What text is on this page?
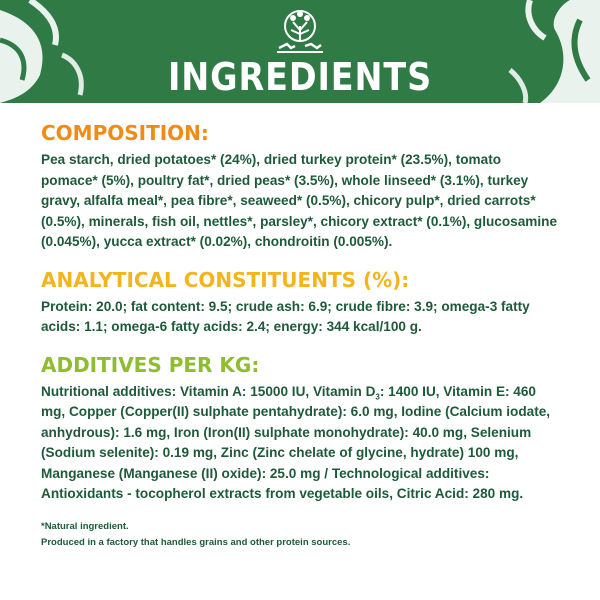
INGREDIENTS
COMPOSITION:

Pea starch, dried potatoes* (24%), dried turkey protein* (23.5%), tomato pomace* (5%), poultry fat*, dried peas* (3.5%), whole linseed* (3.1%), turkey gravy, alfalfa meal*, pea fibre*, seaweed* (0.5%), chicory pulp*, dried carrots* (0.5%), minerals, fish oil, nettles*, parsley*, chicory extract* (0.1%), glucosamine (0.045%), yucca extract* (0.02%), chondroitin (0.005%).

ANALYTICAL CONSTITUENTS (%):

Protein: 20.0; fat content: 9.5; crude ash: 6.9; crude fibre: 3.9; omega-3 fatty acids: 1.1; omega-6 fatty acids: 2.4; energy: 344 kcal/100 g.

ADDITIVES PER KG:

Nutritional additives: Vitamin A: 15000 IU, Vitamin $D_3$: 1400 IU, Vitamin E: 460 mg, Copper (Copper(II) sulphate pentahydrate): 6.0 mg, Iodine (Calcium iodate, anhydrous): 1.6 mg, Iron (Iron(II) sulphate monohydrate): 40.0 mg, Selenium (Sodium selenite): 0.19 mg, Zinc (Zinc chelate of glycine, hydrate) 100 mg, Manganese (Manganese (II) oxide): 25.0 mg / Technological additives: Antioxidants - tocopherol extracts from vegetable oils, Citric Acid: 280 mg.

*Natural ingredient.
Produced in a factory that handles grains and other protein sources.
